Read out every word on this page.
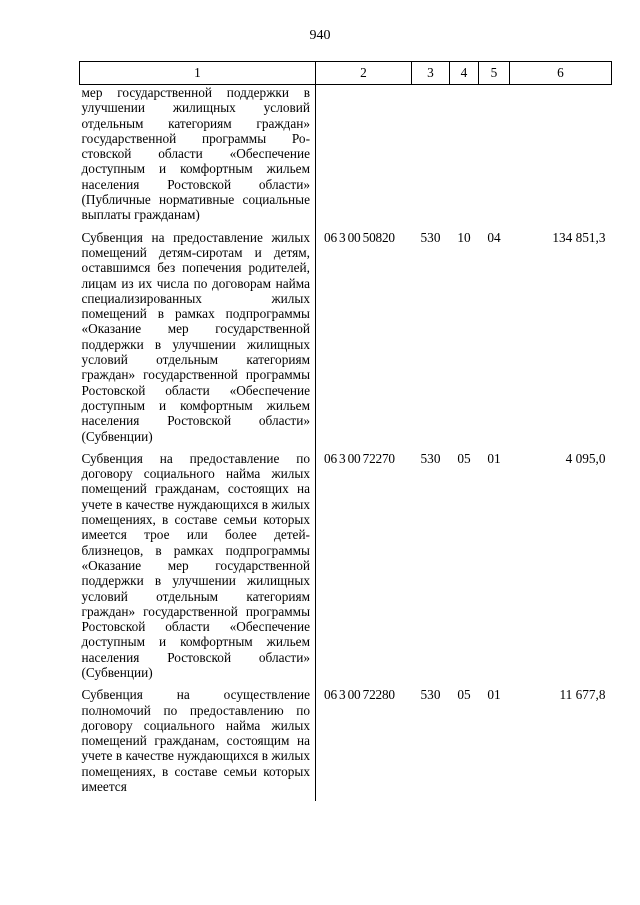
940
1	2	3	4	5	6
мер государственной поддержки в улучшении жилищных условий отдельным категориям граждан» государственной программы Ростовской области «Обеспечение доступным и комфортным жильем населения Ростовской области» (Публичные нормативные социальные выплаты гражданам)					
Субвенция на предоставление жилых помещений детям-сиротам и детям, оставшимся без попечения родителей, лицам из их числа по договорам найма специализированных жилых помещений в рамках подпрограммы «Оказание мер государственной поддержки в улучшении жилищных условий отдельным категориям граждан» государственной программы Ростовской области «Обеспечение доступным и комфортным жильем населения Ростовской области» (Субвенции)	06 3 00 50820	530	10	04	134 851,3
Субвенция на предоставление по договору социального найма жилых помещений гражданам, состоящих на учете в качестве нуждающихся в жилых помещениях, в составе семьи которых имеется трое или более детей-близнецов, в рамках подпрограммы «Оказание мер государственной поддержки в улучшении жилищных условий отдельным категориям граждан» государственной программы Ростовской области «Обеспечение доступным и комфортным жильем населения Ростовской области» (Субвенции)	06 3 00 72270	530	05	01	4 095,0
Субвенция на осуществление полномочий по предоставлению по договору социального найма жилых помещений гражданам, состоящим на учете в качестве нуждающихся в жилых помещениях, в составе семьи которых имеется	06 3 00 72280	530	05	01	11 677,8
